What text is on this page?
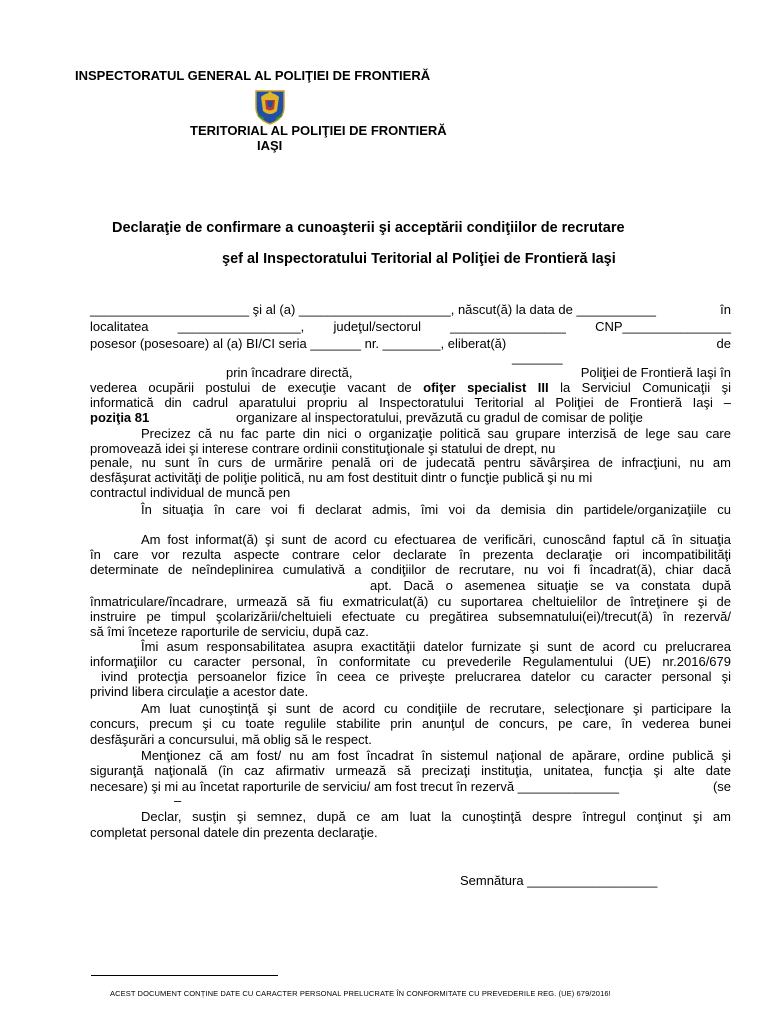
INSPECTORATUL GENERAL AL POLIŢIEI DE FRONTIERĂ
TERITORIAL AL POLIŢIEI DE FRONTIERĂ
IAŞI
Declaraţie de confirmare a cunoaşterii şi acceptării condiţiilor de recrutare
şef al Inspectoratului Teritorial al Poliţiei de Frontieră Iaşi
______________________ şi al (a) _____________________, născut(ă) la data de ___________	în
localitatea _________________, judeţul/sectorul ________________ CNP_______________
posesor (posesoare) al (a) BI/CI seria _______ nr. ________, eliberat(ă)	de
_______
prin încadrare directă,	Poliţiei de Frontieră Iaşi în
vederea ocupării postului de execuţie vacant de ofiţer specialist III la Serviciul Comunicaţii şi
informatică din cadrul aparatului propriu al Inspectoratului Teritorial al Poliţiei de Frontieră Iaşi –
poziţia 81	organizare al inspectoratului, prevăzută cu gradul de comisar de poliţie
Precizez că nu fac parte din nici o organizaţie politică sau grupare interzisă de lege sau care
promovează idei şi interese contrare ordinii constituţionale şi statului de drept, nu
penale, nu sunt în curs de urmărire penală ori de judecată pentru săvârşirea de infracţiuni, nu am
desfăşurat activităţi de poliţie politică, nu am fost destituit dintr o funcţie publică şi nu mi
contractul individual de muncă pen
În situaţia în care voi fi declarat admis, îmi voi da demisia din partidele/organizaţiile cu
Am fost informat(ă) şi sunt de acord cu efectuarea de verificări, cunoscând faptul că în situaţia
în care vor rezulta aspecte contrare celor declarate în prezenta declaraţie ori incompatibilităţi
determinate de neîndeplinirea cumulativă a condiţiilor de recrutare, nu voi fi încadrat(ă), chiar dacă
apt. Dacă o asemenea situaţie se va constata după
înmatriculare/încadrare, urmează să fiu exmatriculat(ă) cu suportarea cheltuielilor de întreţinere şi de
instruire pe timpul şcolarizării/cheltuieli efectuate cu pregătirea subsemnatului(ei)/trecut(ă) în rezervă/
să îmi înceteze raporturile de serviciu, după caz.
Îmi asum responsabilitatea asupra exactităţii datelor furnizate şi sunt de acord cu prelucrarea
informaţiilor cu caracter personal, în conformitate cu prevederile Regulamentului (UE) nr.2016/679
ivind protecţia persoanelor fizice în ceea ce priveşte prelucrarea datelor cu caracter personal şi
privind libera circulaţie a acestor date.
Am luat cunoştinţă şi sunt de acord cu condiţiile de recrutare, selecţionare şi participare la
concurs, precum şi cu toate regulile stabilite prin anunţul de concurs, pe care, în vederea bunei
desfăşurări a concursului, mă oblig să le respect.
Menţionez că am fost/ nu am fost încadrat în sistemul naţional de apărare, ordine publică şi
siguranţă naţională (în caz afirmativ urmează să precizaţi instituţia, unitatea, funcţia şi alte date
necesare) şi mi au încetat raporturile de serviciu/ am fost trecut în rezervă ______________	(se
–
Declar, susţin şi semnez, după ce am luat la cunoştinţă despre întregul conţinut şi am
completat personal datele din prezenta declaraţie.
Semnătura __________________
ACEST DOCUMENT CONȚINE DATE CU CARACTER PERSONAL PRELUCRATE ÎN CONFORMITATE CU PREVEDERILE REG. (UE) 679/2016!
